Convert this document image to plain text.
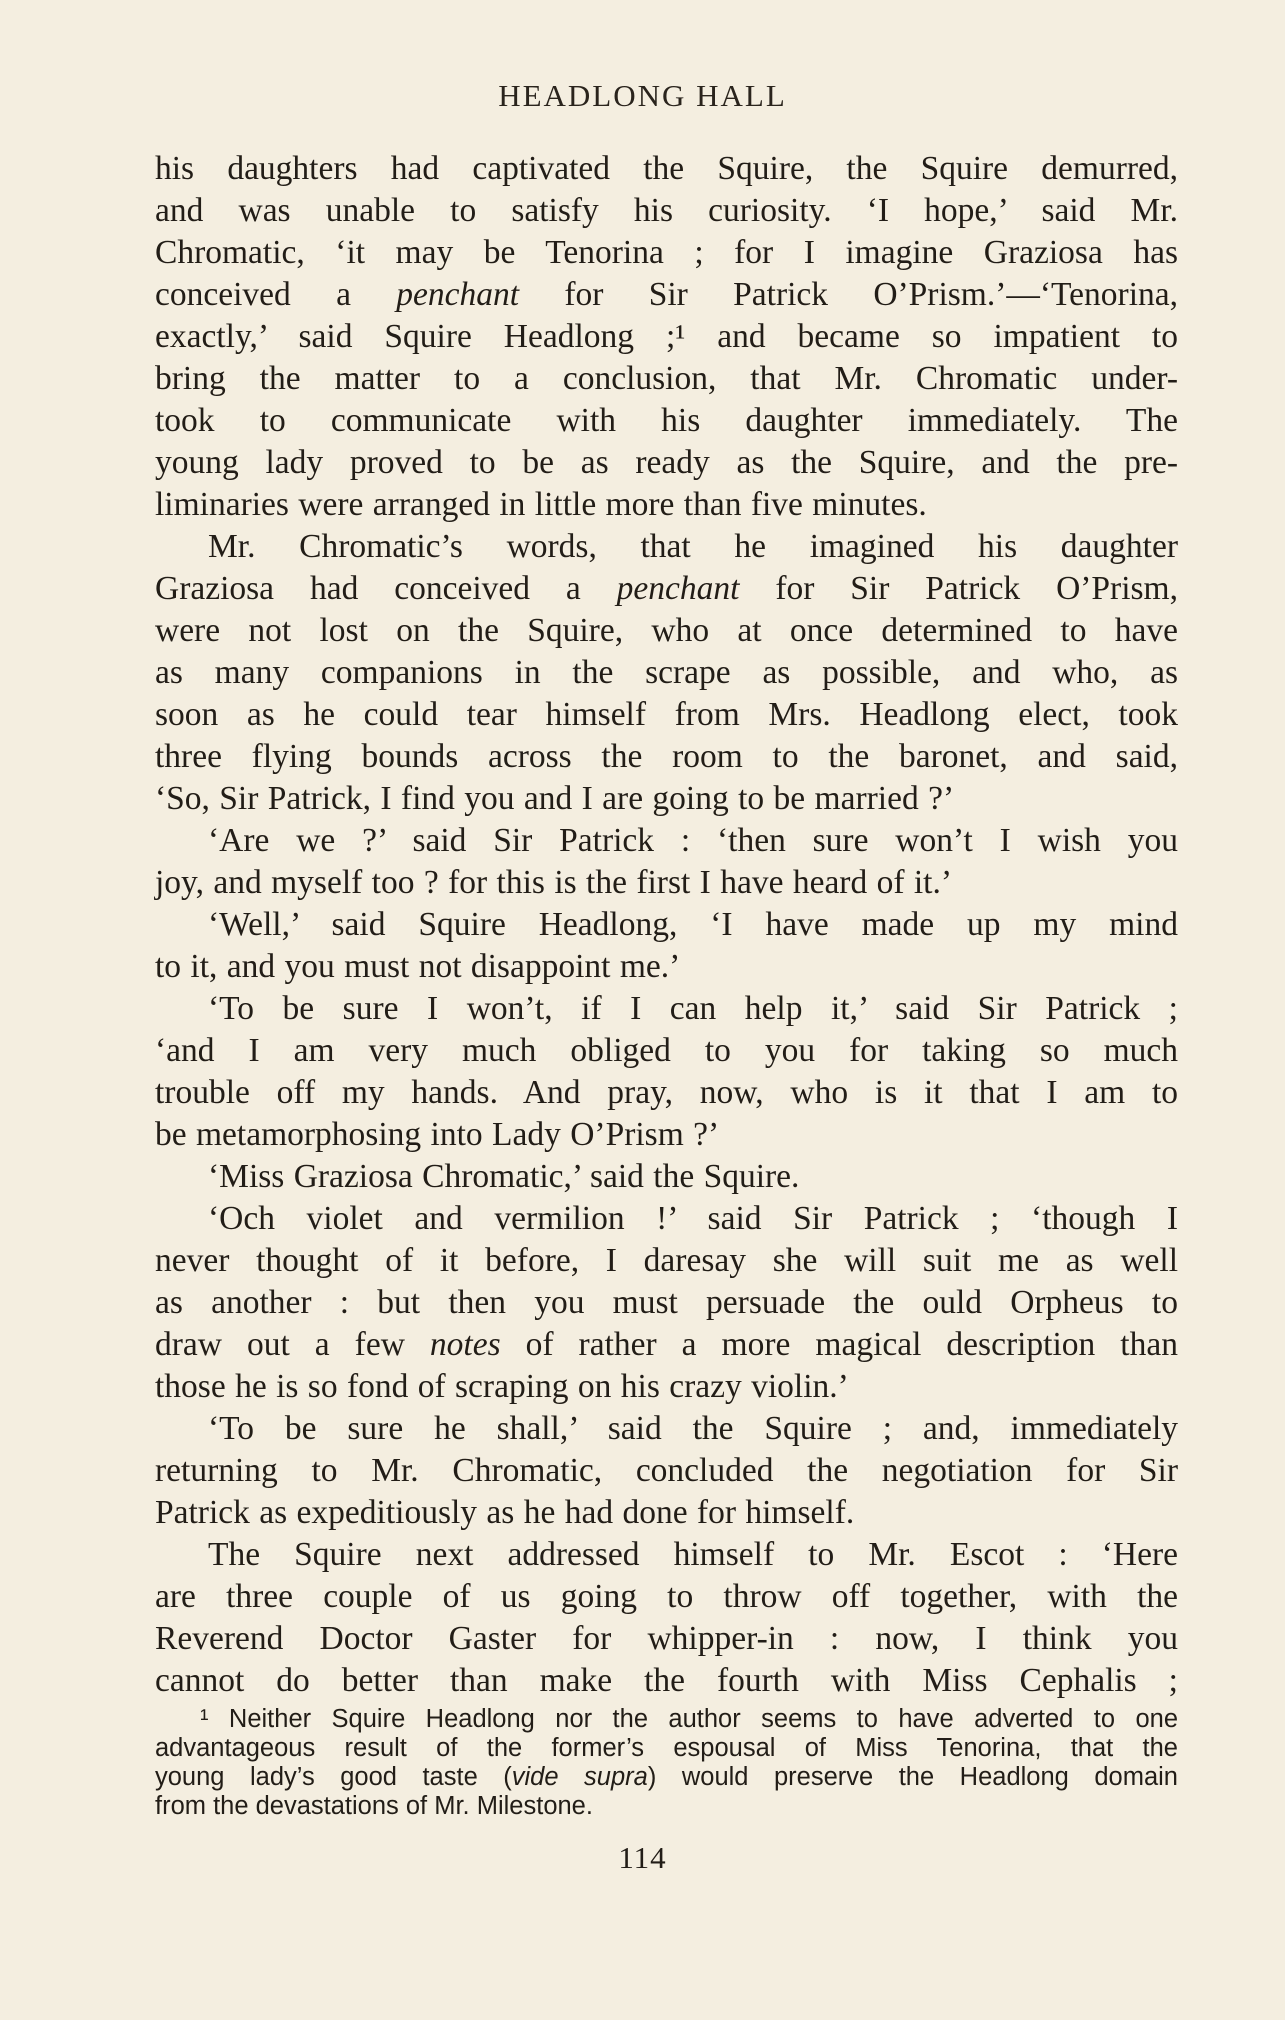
HEADLONG HALL
his daughters had captivated the Squire, the Squire demurred,
and was unable to satisfy his curiosity. ‘I hope,’ said Mr.
Chromatic, ‘it may be Tenorina ; for I imagine Graziosa has
conceived a penchant for Sir Patrick O’Prism.’—‘Tenorina,
exactly,’ said Squire Headlong ;¹ and became so impatient to
bring the matter to a conclusion, that Mr. Chromatic under-
took to communicate with his daughter immediately. The
young lady proved to be as ready as the Squire, and the pre-
liminaries were arranged in little more than five minutes.
Mr. Chromatic’s words, that he imagined his daughter
Graziosa had conceived a penchant for Sir Patrick O’Prism,
were not lost on the Squire, who at once determined to have
as many companions in the scrape as possible, and who, as
soon as he could tear himself from Mrs. Headlong elect, took
three flying bounds across the room to the baronet, and said,
‘So, Sir Patrick, I find you and I are going to be married ?’
‘Are we ?’ said Sir Patrick : ‘then sure won’t I wish you
joy, and myself too ? for this is the first I have heard of it.’
‘Well,’ said Squire Headlong, ‘I have made up my mind
to it, and you must not disappoint me.’
‘To be sure I won’t, if I can help it,’ said Sir Patrick ;
‘and I am very much obliged to you for taking so much
trouble off my hands. And pray, now, who is it that I am to
be metamorphosing into Lady O’Prism ?’
‘Miss Graziosa Chromatic,’ said the Squire.
‘Och violet and vermilion !’ said Sir Patrick ; ‘though I
never thought of it before, I daresay she will suit me as well
as another : but then you must persuade the ould Orpheus to
draw out a few notes of rather a more magical description than
those he is so fond of scraping on his crazy violin.’
‘To be sure he shall,’ said the Squire ; and, immediately
returning to Mr. Chromatic, concluded the negotiation for Sir
Patrick as expeditiously as he had done for himself.
The Squire next addressed himself to Mr. Escot : ‘Here
are three couple of us going to throw off together, with the
Reverend Doctor Gaster for whipper-in : now, I think you
cannot do better than make the fourth with Miss Cephalis ;
¹ Neither Squire Headlong nor the author seems to have adverted to one
advantageous result of the former’s espousal of Miss Tenorina, that the
young lady’s good taste (vide supra) would preserve the Headlong domain
from the devastations of Mr. Milestone.
114
